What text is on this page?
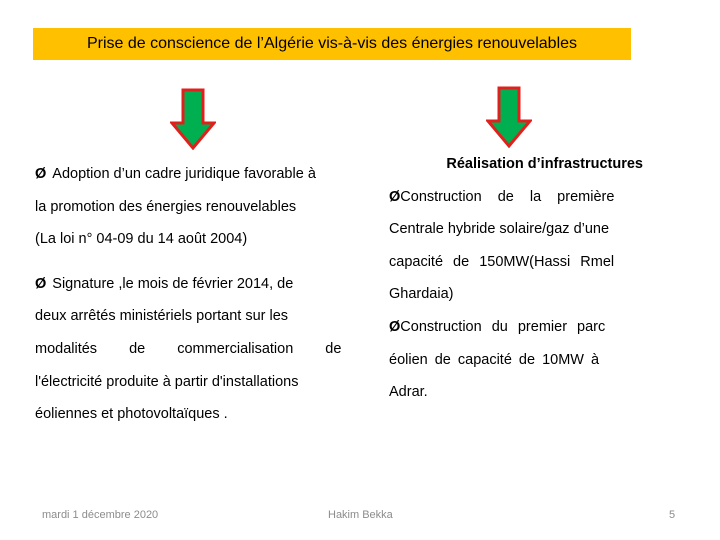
Prise de conscience de l’Algérie vis-à-vis des énergies renouvelables
Ø Adoption d’un cadre juridique favorable à
la promotion des énergies renouvelables
(La loi n° 04-09 du 14 août 2004)
Ø Signature ,le mois de février 2014, de
deux arrêtés ministériels portant sur les
modalités de commercialisation de
l'électricité produite à partir d'installations
éoliennes et photovoltaïques .
Réalisation d’infrastructures
ØConstruction de la première
Centrale hybride solaire/gaz d’une
capacité de 150MW(Hassi Rmel
Ghardaia)
ØConstruction du premier parc
éolien de capacité de 10MW à
Adrar.
mardi 1 décembre 2020	Hakim Bekka	5
